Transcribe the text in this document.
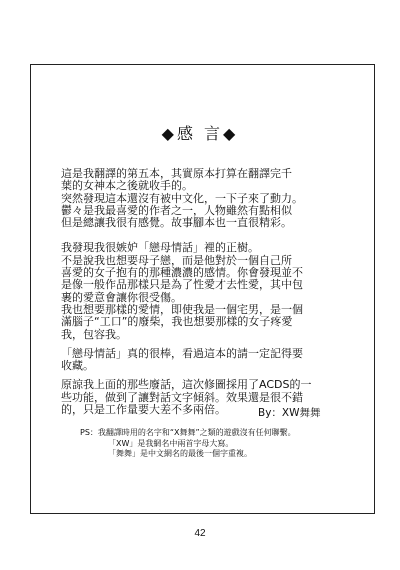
◆感 言◆

這是我翻譯的第五本，其實原本打算在翻譯完千
葉的女神本之後就收手的。
突然發現這本還沒有被中文化，一下子來了動力。
鬱々是我最喜愛的作者之一，人物雖然有點相似
但是總讓我很有感覺。故事腳本也一直很精彩。

我發現我很嫉妒「戀母情話」裡的正樹。
不是說我也想要母子戀，而是他對於一個自己所
喜愛的女子抱有的那種濃濃的感情。你會發現並不
是像一般作品那樣只是為了性愛才去性愛，其中包
裹的愛意會讓你很受傷。
我也想要那樣的愛情，即使我是一個宅男，是一個
滿腦子“工口”的廢柴，我也想要那樣的女子疼愛
我，包容我。

「戀母情話」真的很棒，看過這本的請一定記得要
收藏。

原諒我上面的那些廢話，這次修圖採用了ACDS的一
些功能，做到了讓對話文字傾斜。效果還是很不錯
的，只是工作量要大差不多兩倍。	By：XW舞舞
PS：我翻譯時用的名字和“X舞舞”之類的遊戲沒有任何聯繫。
「XW」是我網名中兩首字母大寫。
「舞舞」是中文網名的最後一個字重複。
42
